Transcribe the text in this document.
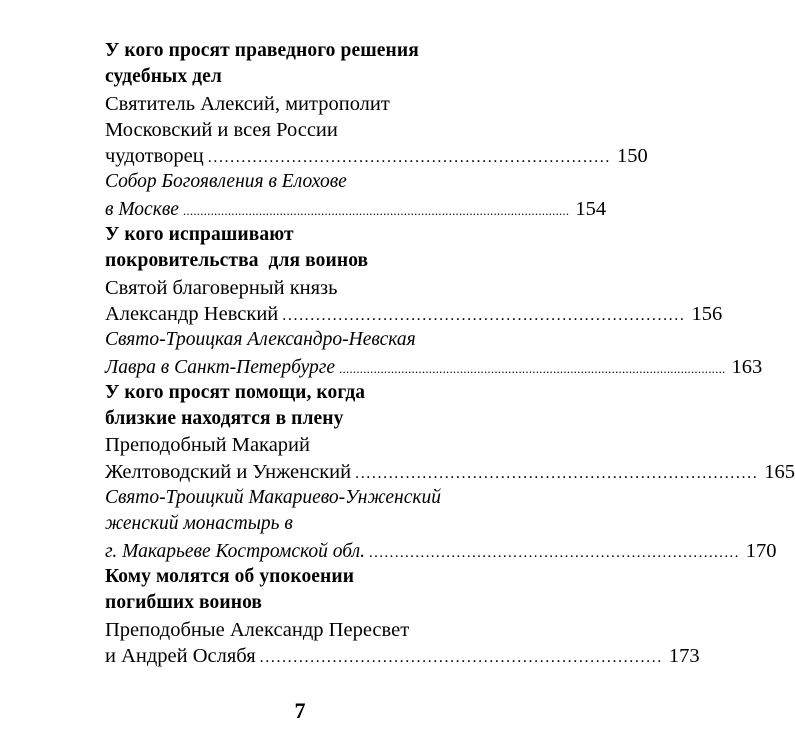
У кого просят праведного решения
судебных дел
Святитель Алексий, митрополит
Московский и всея России
чудотворец ........................................................................ 150
Собор Богоявления в Елохове
в Москве ................................................................................................................ 154
У кого испрашивают
покровительства  для воинов
Святой благоверный князь
Александр Невский ........................................................................ 156
Свято-Троицкая Александро-Невская
Лавра в Санкт-Петербурге ................................................................................................................ 163
У кого просят помощи, когда
близкие находятся в плену
Преподобный Макарий
Желтоводский и Унженский ........................................................................ 165
Свято-Троицкий Макариево-Унженский
женский монастырь в
г. Макарьеве Костромской обл. ........................................................................ 170
Кому молятся об упокоении
погибших воинов
Преподобные Александр Пересвет
и Андрей Ослябя ........................................................................ 173
7
